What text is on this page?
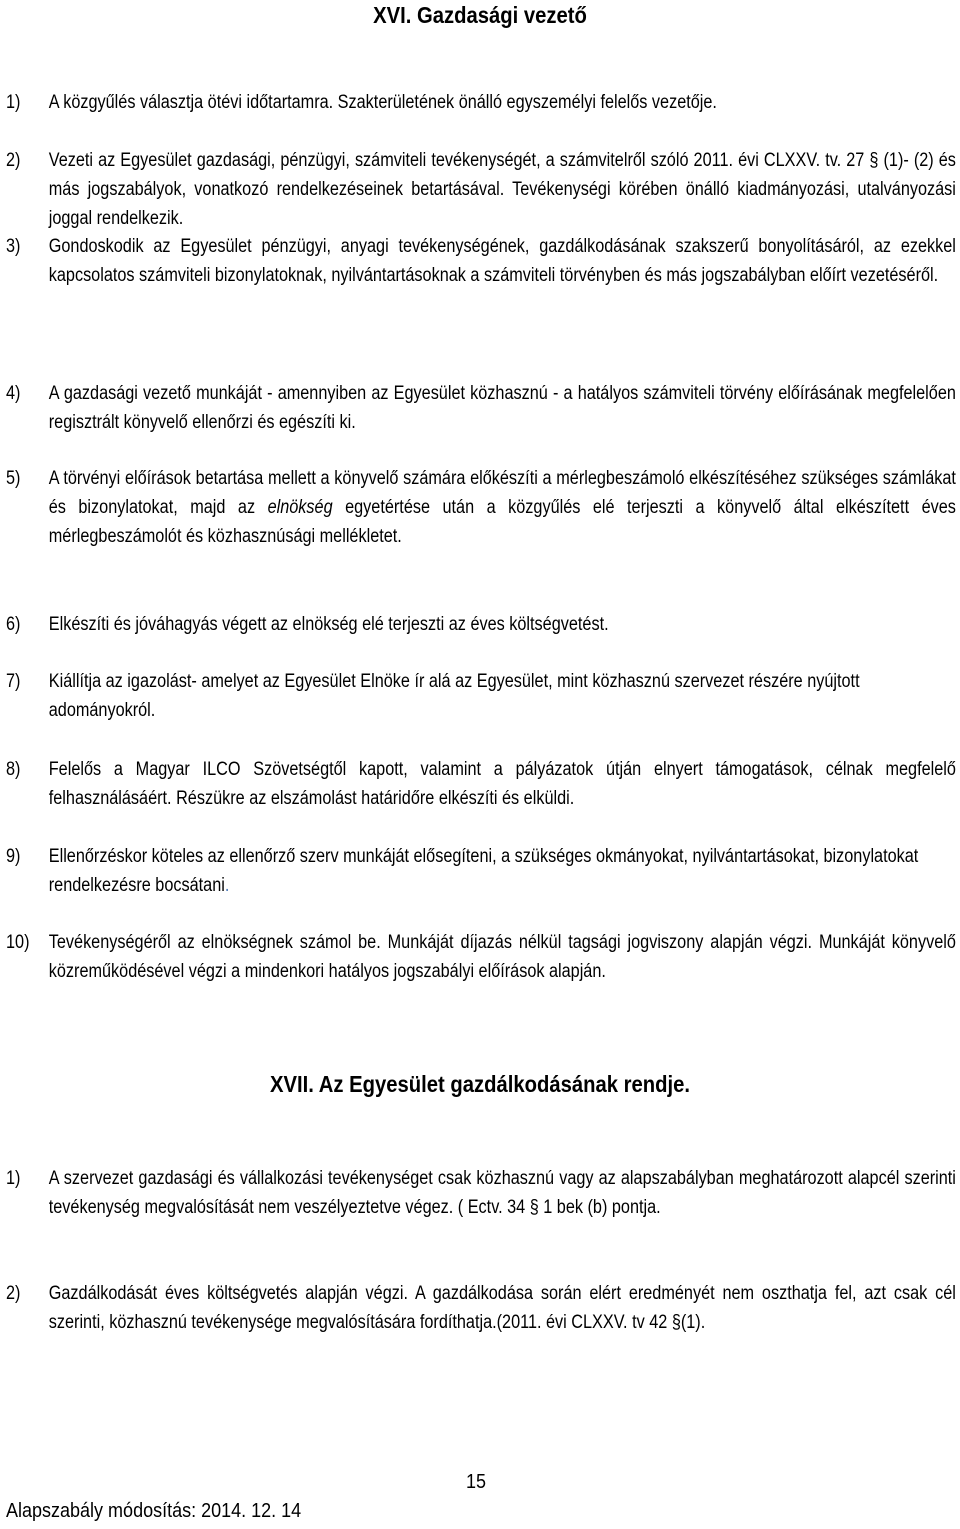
XVI. Gazdasági vezető
1)	A közgyűlés választja ötévi időtartamra. Szakterületének önálló egyszemélyi felelős vezetője.
2)	Vezeti az Egyesület gazdasági, pénzügyi, számviteli tevékenységét, a számvitelről szóló 2011. évi CLXXV. tv. 27 § (1)- (2) és más jogszabályok, vonatkozó rendelkezéseinek betartásával. Tevékenységi körében önálló kiadmányozási, utalványozási joggal rendelkezik.
3)	Gondoskodik az Egyesület pénzügyi, anyagi tevékenységének, gazdálkodásának szakszerű bonyolításáról, az ezekkel kapcsolatos számviteli bizonylatoknak, nyilvántartásoknak a számviteli törvényben és más jogszabályban előírt vezetéséről.
4)	A gazdasági vezető munkáját - amennyiben az Egyesület közhasznú - a hatályos számviteli törvény előírásának megfelelően regisztrált könyvelő ellenőrzi és egészíti ki.
5)	A törvényi előírások betartása mellett a könyvelő számára előkészíti a mérlegbeszámoló elkészítéséhez szükséges számlákat és bizonylatokat, majd az elnökség egyetértése után a közgyűlés elé terjeszti a könyvelő által elkészített éves mérlegbeszámolót és közhasznúsági mellékletet.
6)	Elkészíti és jóváhagyás végett az elnökség elé terjeszti az éves költségvetést.
7)	Kiállítja az igazolást- amelyet az Egyesület Elnöke ír alá az Egyesület, mint közhasznú szervezet részére nyújtott adományokról.
8)	Felelős a Magyar ILCO Szövetségtől kapott, valamint a pályázatok útján elnyert támogatások, célnak megfelelő felhasználásáért. Részükre az elszámolást határidőre elkészíti és elküldi.
9)	Ellenőrzéskor köteles az ellenőrző szerv munkáját elősegíteni, a szükséges okmányokat, nyilvántartásokat, bizonylatokat rendelkezésre bocsátani.
10)	Tevékenységéről az elnökségnek számol be. Munkáját díjazás nélkül tagsági jogviszony alapján végzi. Munkáját könyvelő közreműködésével végzi a mindenkori hatályos jogszabályi előírások alapján.
XVII. Az Egyesület gazdálkodásának rendje.
1)	A szervezet gazdasági és vállalkozási tevékenységet csak közhasznú vagy az alapszabályban meghatározott alapcél szerinti tevékenység megvalósítását nem veszélyeztetve végez. ( Ectv. 34 § 1 bek (b) pontja.
2)	Gazdálkodását éves költségvetés alapján végzi. A gazdálkodása során elért eredményét nem oszthatja fel, azt csak cél szerinti, közhasznú tevékenysége megvalósítására fordíthatja.(2011. évi CLXXV. tv 42 §(1).
15
Alapszabály módosítás: 2014. 12. 14
